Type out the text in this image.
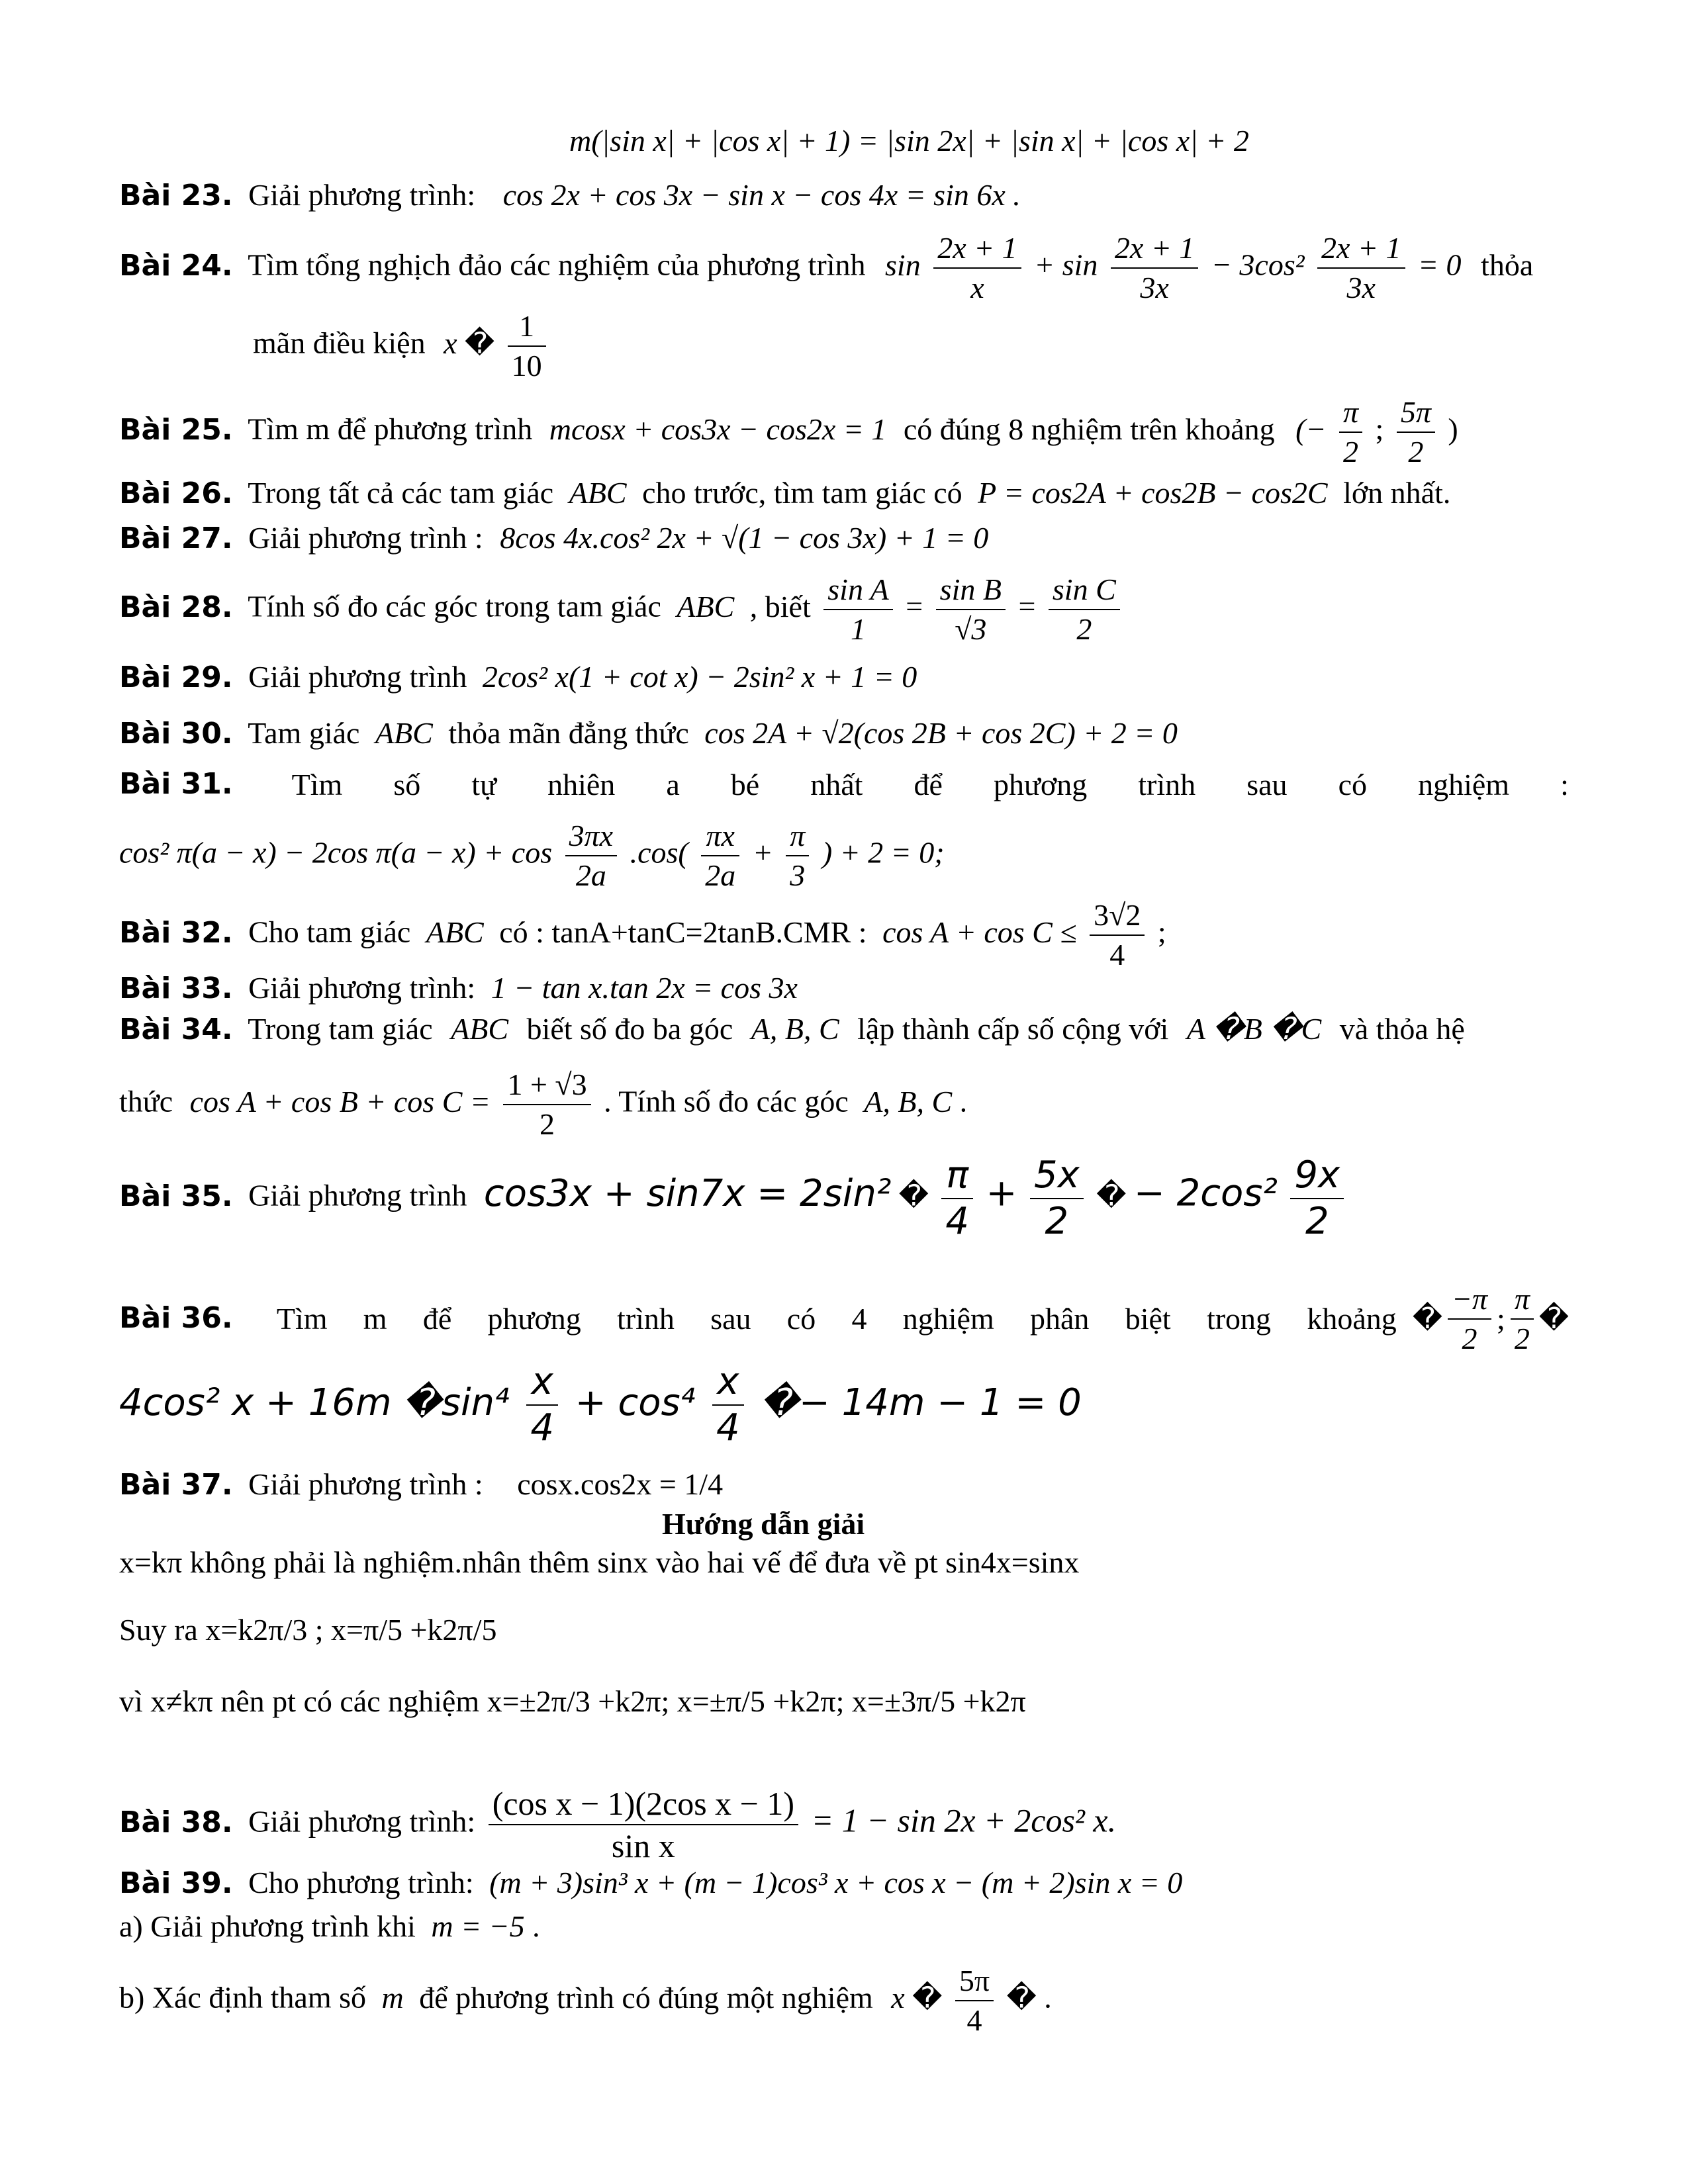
m(|sin x| + |cos x| + 1) = |sin 2x| + |sin x| + |cos x| + 2
Bài 23. Giải phương trình: cos 2x + cos 3x − sin x − cos 4x = sin 6x .
Bài 24. Tìm tổng nghịch đảo các nghiệm của phương trình $\sin \frac{2x + 1}{x} + \sin \frac{2x + 1}{3x} - 3\cos^2 \frac{2x + 1}{3x} = 0$ thỏa
mãn điều kiện x � $\frac{1}{10}$
Bài 25. Tìm m để phương trình mcosx + cos3x − cos2x = 1 có đúng 8 nghiệm trên khoảng (− $\frac{\pi}{2}$ ; $\frac{5\pi}{2}$ )
Bài 26. Trong tất cả các tam giác ABC cho trước, tìm tam giác có P = cos2A + cos2B − cos2C lớn nhất.
Bài 27. Giải phương trình : 8cos 4x.cos² 2x + √(1 − cos 3x) + 1 = 0
Bài 28. Tính số đo các góc trong tam giác ABC , biết $\frac{\text{sin A}}{1} = \frac{\text{sin B}}{√3} = \frac{\text{sin C}}{2}$
Bài 29. Giải phương trình 2cos² x(1 + cot x) − 2sin² x + 1 = 0
Bài 30. Tam giác ABC thỏa mãn đẳng thức cos 2A + √2(cos 2B + cos 2C) + 2 = 0
Bài 31. Tìm số tự nhiên a bé nhất để phương trình sau có nghiệm :
cos² π(a − x) − 2cos $\pi(a - x) + \cos \frac{3\pi x}{2a} .\cos( \frac{\pi x}{2a} + \frac{\pi}{3}$ ) + 2 = 0;
Bài 32. Cho tam giác ABC có : tanA+tanC=2tanB.CMR : $\cos A + \cos C \le \frac{3√2}{4}$ ;
Bài 33. Giải phương trình: 1 − tan x.tan 2x = cos 3x
Bài 34. Trong tam giác ABC biết số đo ba góc A, B, C lập thành cấp số cộng với A �B �C và thỏa hệ
thức $\cos A + \cos B + \cos C = \frac{1 + √3}{2}$ . Tính số đo các góc A, B, C .
Bài 35. Giải phương trình cos3x + sin7x = 2sin² � $\frac{\pi}{4} + \frac{5x}{2}$ � − $2\cos^2 \frac{9x}{2}$
Bài 36. Tìm m để phương trình sau có 4 nghiệm phân biệt trong khoảng � $\frac{-\pi}{2}$ ; $\frac{\pi}{2}$ �
4cos² x + 16m �sin⁴ $\frac{x}{4} + \cos^4 \frac{x}{4}$ �− 14m − 1 = 0
Bài 37. Giải phương trình : cosx.cos2x = 1/4
Hướng dẫn giải
x=kπ không phải là nghiệm.nhân thêm sinx vào hai vế để đưa về pt sin4x=sinx
Suy ra x=k2π/3 ; x=π/5 +k2π/5
vì x≠kπ nên pt có các nghiệm x=±2π/3 +k2π; x=±π/5 +k2π; x=±3π/5 +k2π
Bài 38. Giải phương trình: $\frac{\text{(cos x − 1)(2cos x − 1)}}{\text{sin x}} = 1 - \sin 2x + 2\cos^2$ x.
Bài 39. Cho phương trình: (m + 3)sin³ x + (m − 1)cos³ x + cos x − (m + 2)sin x = 0
a) Giải phương trình khi m = −5 .
b) Xác định tham số m để phương trình có đúng một nghiệm x � $\frac{5\pi}{4}$ � .
